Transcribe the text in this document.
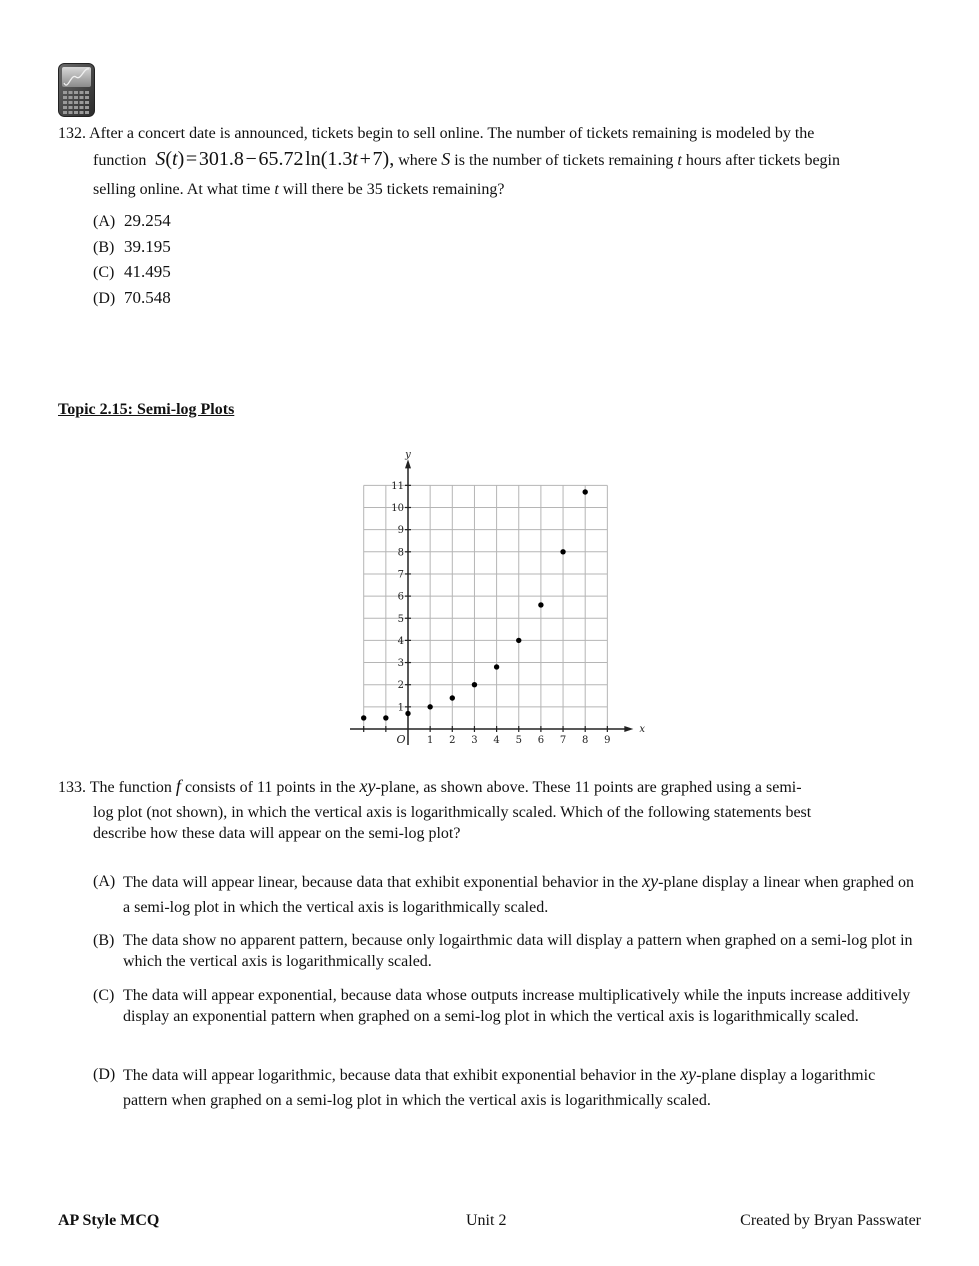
132. After a concert date is announced, tickets begin to sell online. The number of tickets remaining is modeled by the
function S(t) = 301.8 − 65.72 ln(1.3t + 7), where S is the number of tickets remaining t hours after tickets begin
selling online. At what time t will there be 35 tickets remaining?
(A) 29.254
(B) 39.195
(C) 41.495
(D) 70.548
Topic 2.15: Semi-log Plots
1 2 3 4 5 6 7 8 9
1
2
3
4
5
6
7
8
9
10
11
O
x
y
133. The function f consists of 11 points in the xy-plane, as shown above. These 11 points are graphed using a semi-
log plot (not shown), in which the vertical axis is logarithmically scaled. Which of the following statements best
describe how these data will appear on the semi-log plot?
(A) The data will appear linear, because data that exhibit exponential behavior in the xy-plane display a linear when graphed on a semi-log plot in which the vertical axis is logarithmically scaled.
(B) The data show no apparent pattern, because only logairthmic data will display a pattern when graphed on a semi-log plot in which the vertical axis is logarithmically scaled.
(C) The data will appear exponential, because data whose outputs increase multiplicatively while the inputs increase additively display an exponential pattern when graphed on a semi-log plot in which the vertical axis is logarithmically scaled.
(D) The data will appear logarithmic, because data that exhibit exponential behavior in the xy-plane display a logarithmic pattern when graphed on a semi-log plot in which the vertical axis is logarithmically scaled.
AP Style MCQ	Unit 2	Created by Bryan Passwater
